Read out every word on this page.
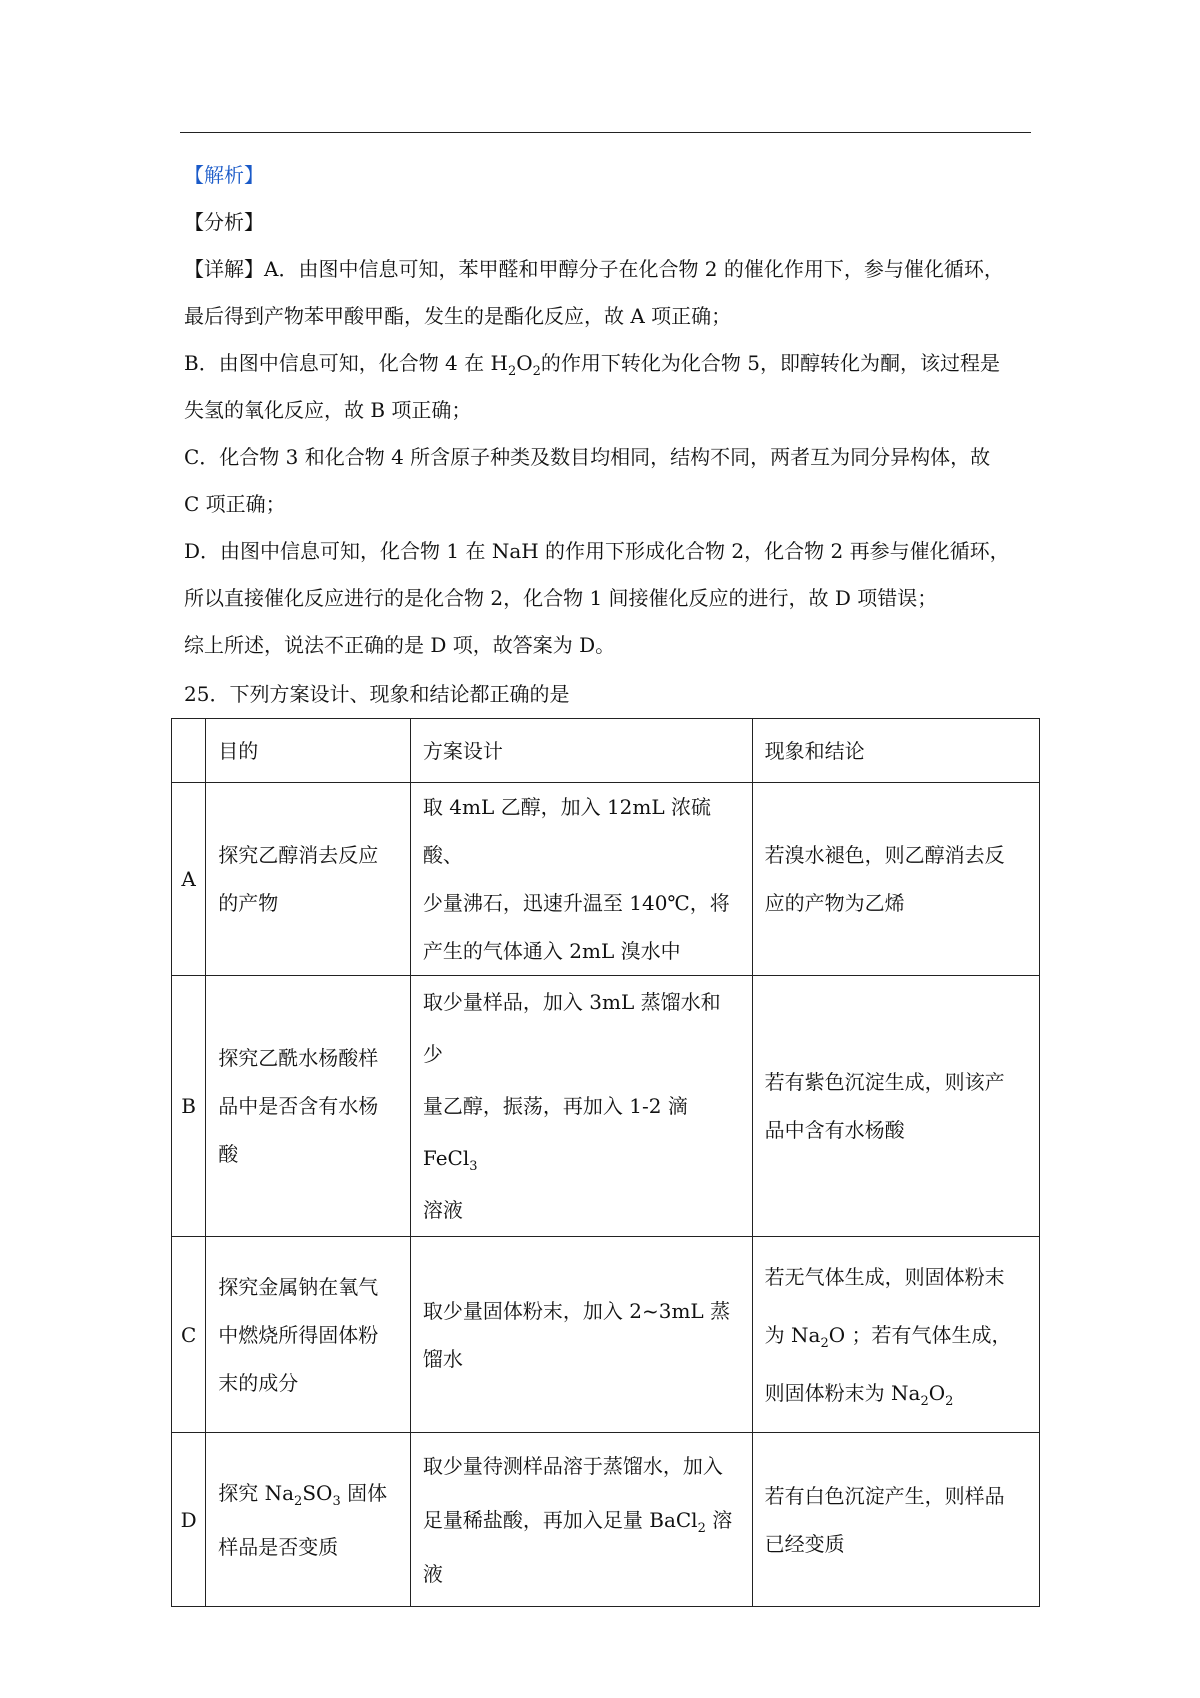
【解析】

【分析】

【详解】A．由图中信息可知，苯甲醛和甲醇分子在化合物 2 的催化作用下，参与催化循环，

最后得到产物苯甲酸甲酯，发生的是酯化反应，故 A 项正确；

B．由图中信息可知，化合物 4 在 $H_2O_2$的作用下转化为化合物 5，即醇转化为酮，该过程是

失氢的氧化反应，故 B 项正确；

C．化合物 3 和化合物 4 所含原子种类及数目均相同，结构不同，两者互为同分异构体，故

C 项正确；

D．由图中信息可知，化合物 1 在 NaH 的作用下形成化合物 2，化合物 2 再参与催化循环，

所以直接催化反应进行的是化合物 2，化合物 1 间接催化反应的进行，故 D 项错误；

综上所述，说法不正确的是 D 项，故答案为 D。

25．下列方案设计、现象和结论都正确的是

	目的	方案设计	现象和结论
A	探究乙醇消去反应
的产物	取 4mL 乙醇，加入 12mL 浓硫酸、
少量沸石，迅速升温至 140℃，将
产生的气体通入 2mL 溴水中	若溴水褪色，则乙醇消去反
应的产物为乙烯

B	探究乙酰水杨酸样
品中是否含有水杨
酸	取少量样品，加入 3mL 蒸馏水和少
量乙醇，振荡，再加入 1-2 滴 FeCl$_3$
溶液	若有紫色沉淀生成，则该产
品中含有水杨酸

C	探究金属钠在氧气
中燃烧所得固体粉
末的成分	取少量固体粉末，加入 2~3mL 蒸
馏水	若无气体生成，则固体粉末
为 $Na_2O$ ；若有气体生成，
则固体粉末为 $Na_2O_2$

D	探究 $Na_2SO_3$ 固体
样品是否变质	取少量待测样品溶于蒸馏水，加入
足量稀盐酸，再加入足量 BaCl$_2$ 溶
液	若有白色沉淀产生，则样品
已经变质
